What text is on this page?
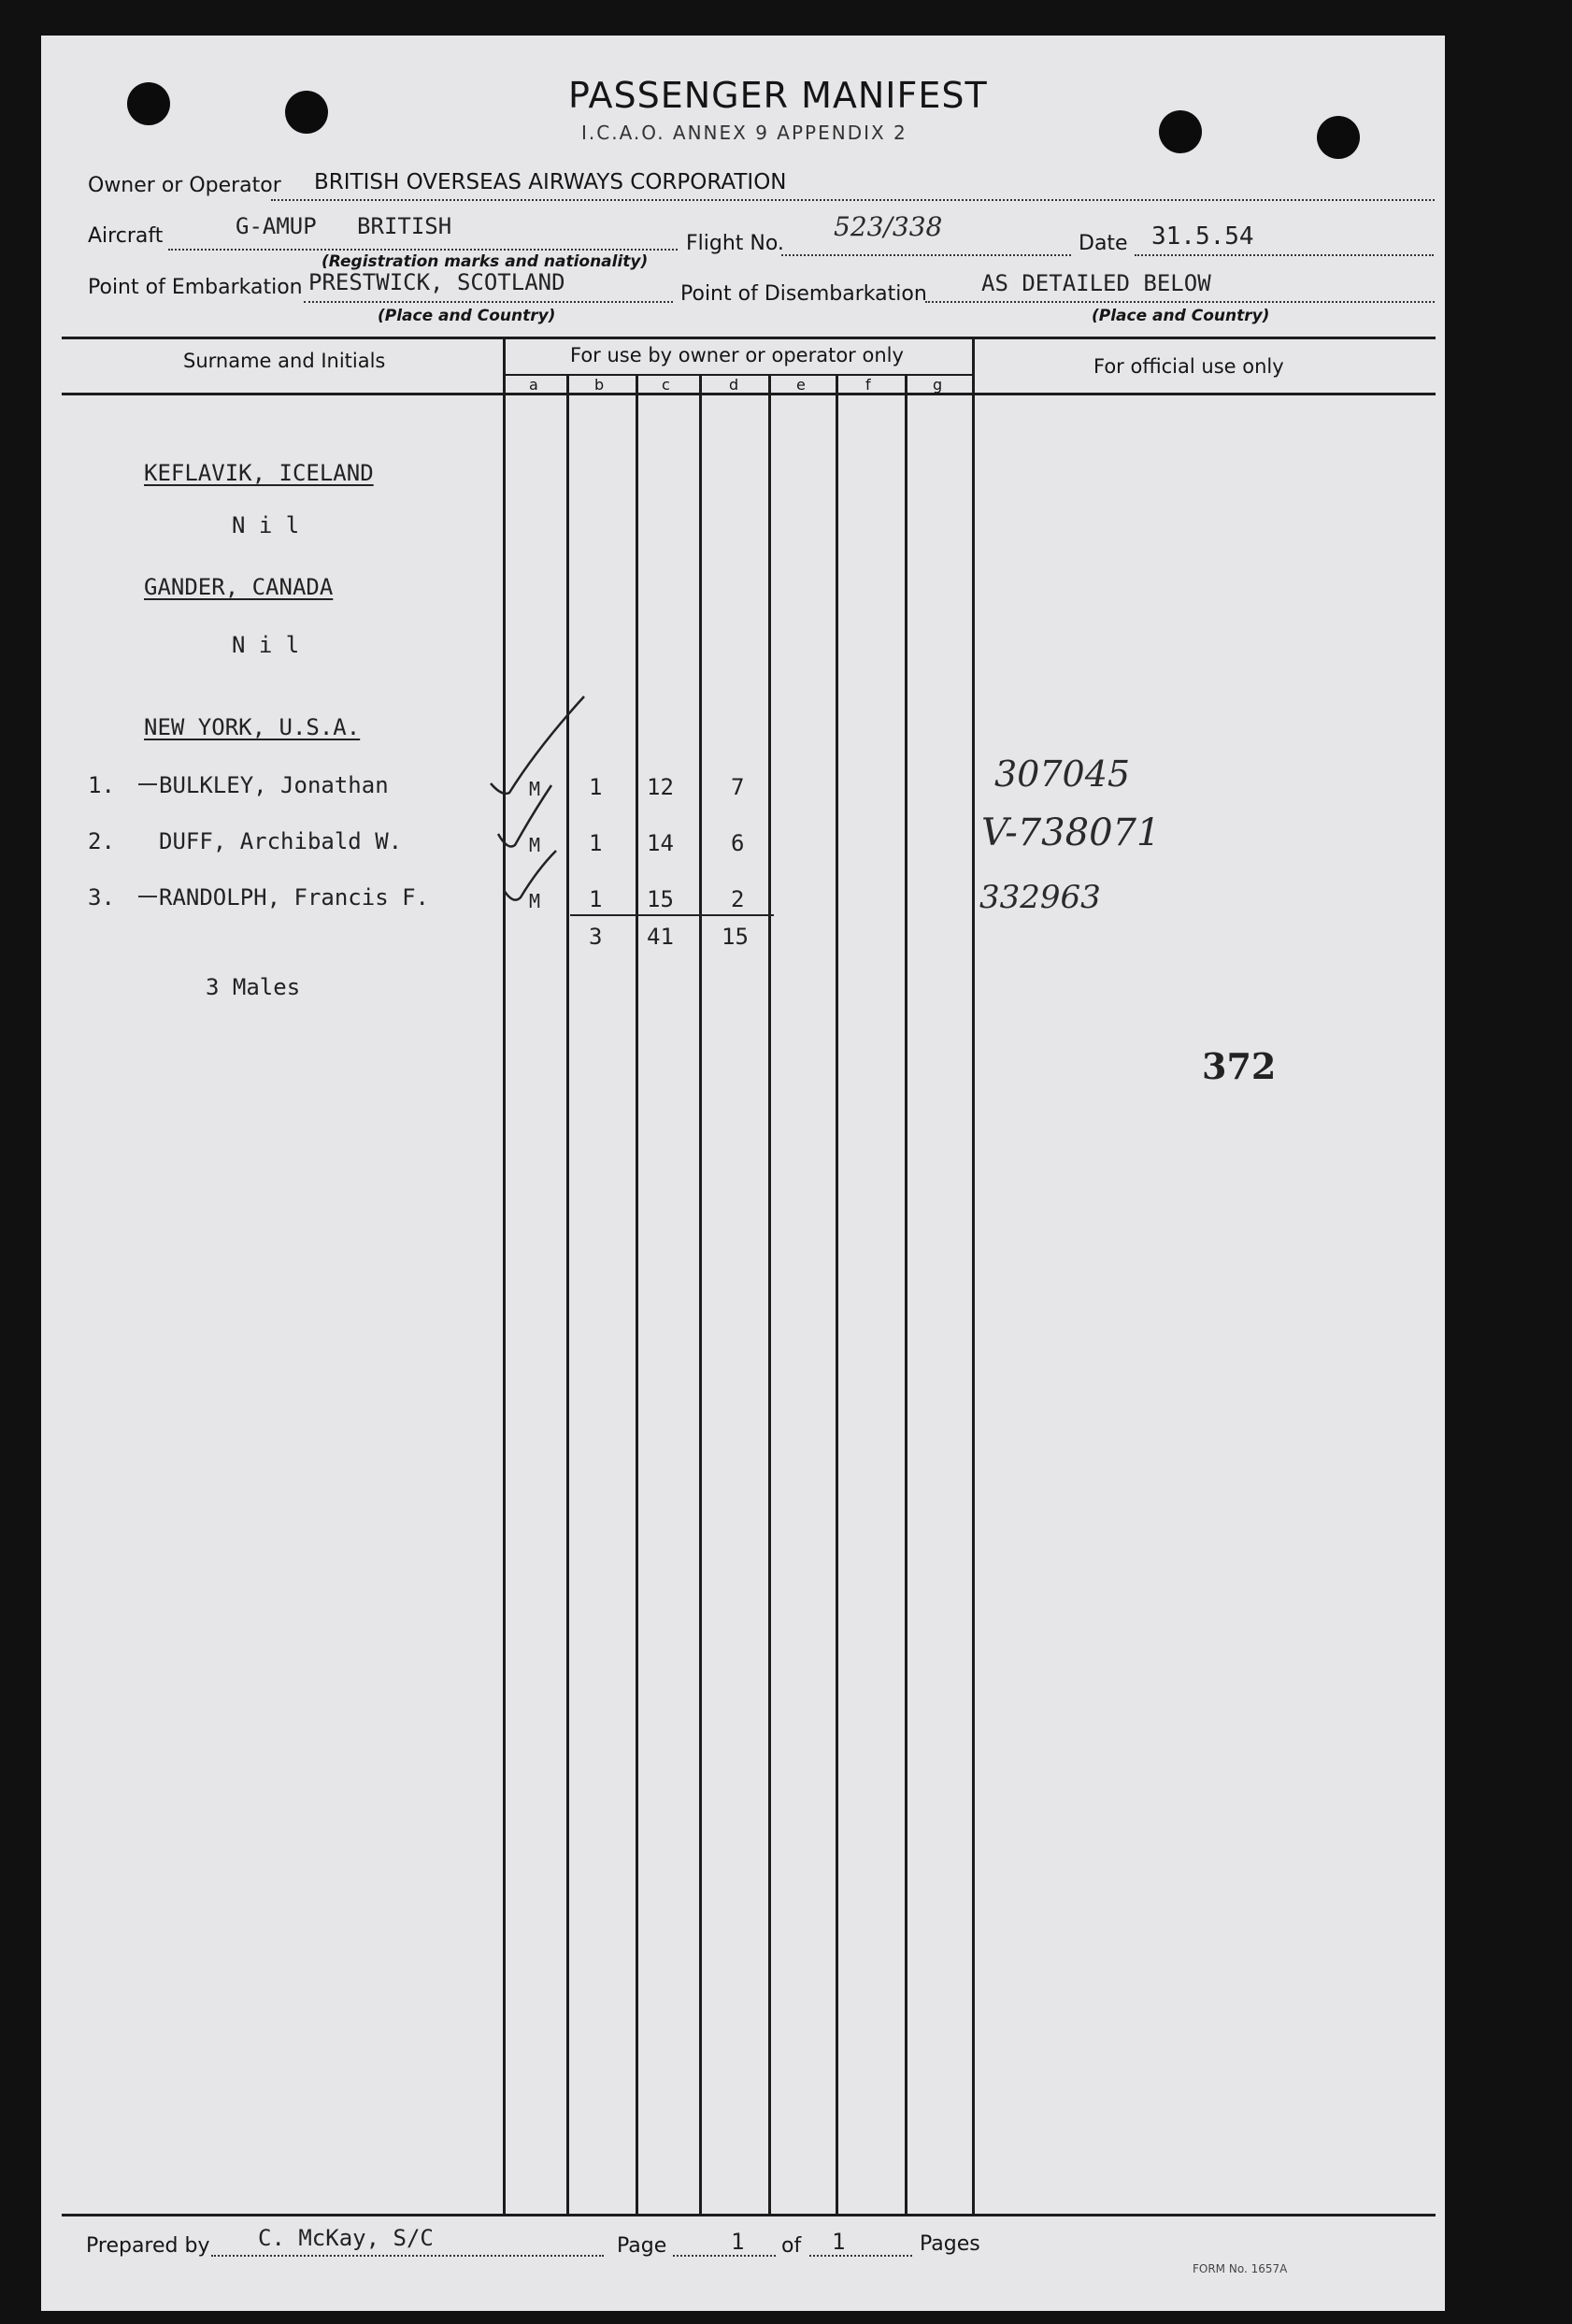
PASSENGER MANIFEST
I.C.A.O. ANNEX 9 APPENDIX 2
Owner or Operator BRITISH OVERSEAS AIRWAYS CORPORATION
Aircraft	G-AMUP   BRITISH
Flight No.
523/338
Date 31.5.54
(Registration marks and nationality)
Point of Embarkation PRESTWICK, SCOTLAND	Point of Disembarkation AS DETAILED BELOW
(Place and Country)	(Place and Country)
Surname and Initials	For use by owner or operator only	For official use only
a	b	c	d	e	f	g
KEFLAVIK, ICELAND
N i l
GANDER, CANADA
N i l
NEW YORK, U.S.A.
1. BULKLEY, Jonathan	M 1 12	7	307045
2. DUFF, Archibald W.	M 1 14	6	V-738071
3. RANDOLPH, Francis F.	M 1 15	2	332963
3 41 15
3 Males
372
Prepared by C. McKay, S/C	Page	1 of 1	Pages
FORM No. 1657A
